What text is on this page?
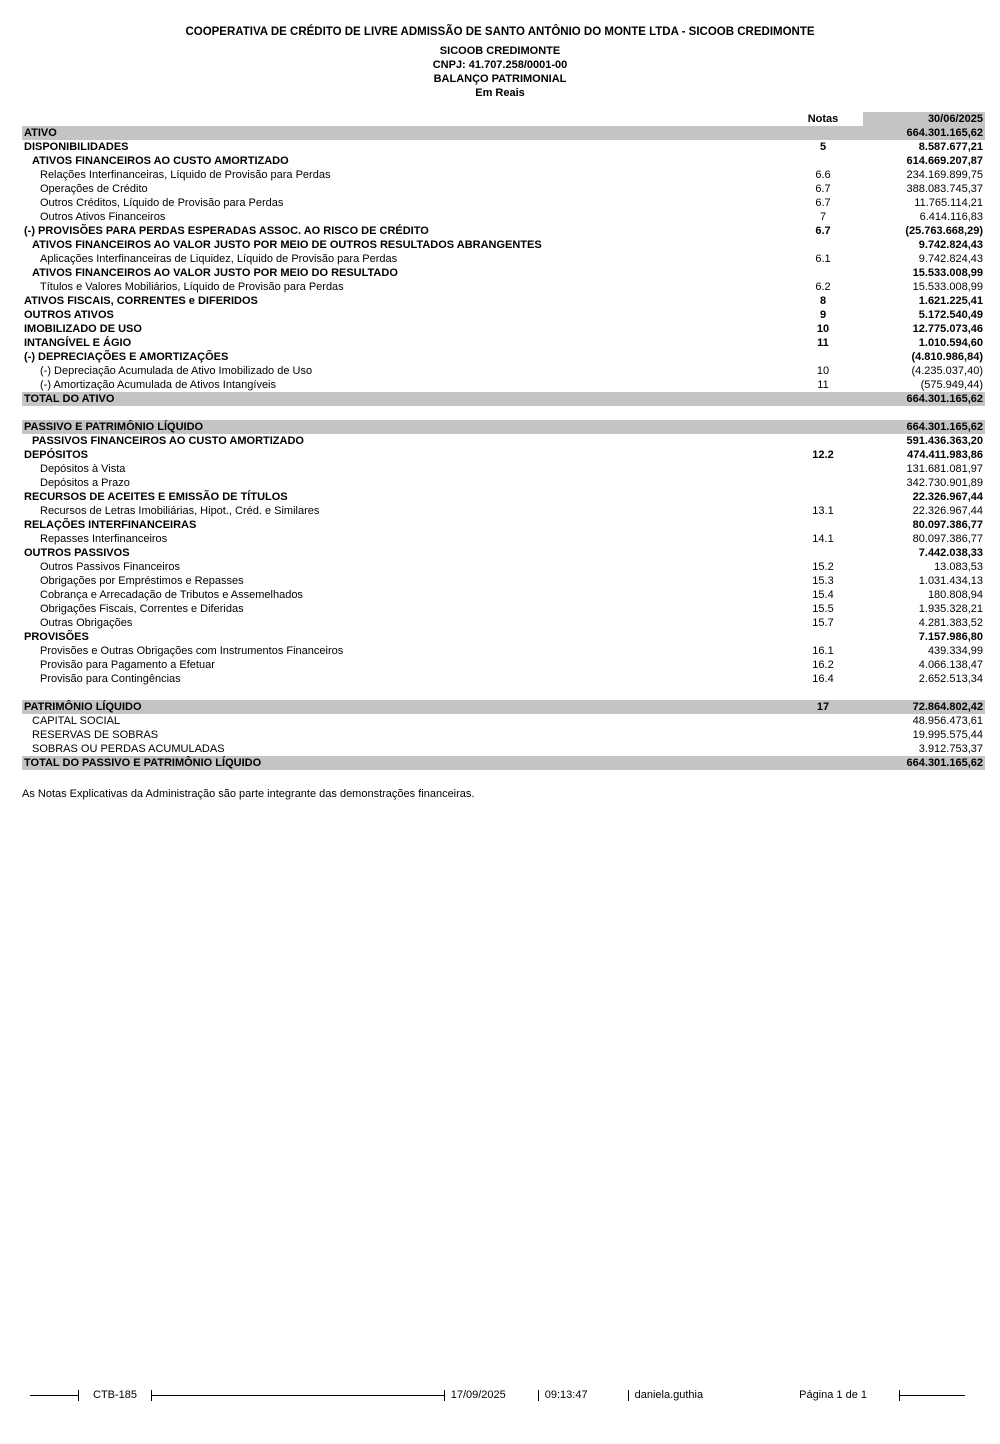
COOPERATIVA DE CRÉDITO DE LIVRE ADMISSÃO DE SANTO ANTÔNIO DO MONTE LTDA - SICOOB CREDIMONTE
SICOOB CREDIMONTE
CNPJ: 41.707.258/0001-00
BALANÇO PATRIMONIAL
Em Reais
Notas	30/06/2025
ATIVO	664.301.165,62
DISPONIBILIDADES	5	8.587.677,21
ATIVOS FINANCEIROS AO CUSTO AMORTIZADO	614.669.207,87
Relações Interfinanceiras, Líquido de Provisão para Perdas	6.6	234.169.899,75
Operações de Crédito	6.7	388.083.745,37
Outros Créditos, Líquido de Provisão para Perdas	6.7	11.765.114,21
Outros Ativos Financeiros	7	6.414.116,83
(-) PROVISÕES PARA PERDAS ESPERADAS ASSOC. AO RISCO DE CRÉDITO	6.7	(25.763.668,29)
ATIVOS FINANCEIROS AO VALOR JUSTO POR MEIO DE OUTROS RESULTADOS ABRANGENTES	9.742.824,43
Aplicações Interfinanceiras de Liquidez, Líquido de Provisão para Perdas	6.1	9.742.824,43
ATIVOS FINANCEIROS AO VALOR JUSTO POR MEIO DO RESULTADO	15.533.008,99
Títulos e Valores Mobiliários, Líquido de Provisão para Perdas	6.2	15.533.008,99
ATIVOS FISCAIS, CORRENTES e DIFERIDOS	8	1.621.225,41
OUTROS ATIVOS	9	5.172.540,49
IMOBILIZADO DE USO	10	12.775.073,46
INTANGÍVEL E ÁGIO	11	1.010.594,60
(-) DEPRECIAÇÕES E AMORTIZAÇÕES	(4.810.986,84)
(-) Depreciação Acumulada de Ativo Imobilizado de Uso	10	(4.235.037,40)
(-) Amortização Acumulada de Ativos Intangíveis	11	(575.949,44)
TOTAL DO ATIVO	664.301.165,62
PASSIVO E PATRIMÔNIO LÍQUIDO	664.301.165,62
PASSIVOS FINANCEIROS AO CUSTO AMORTIZADO	591.436.363,20
DEPÓSITOS	12.2	474.411.983,86
Depósitos à Vista	131.681.081,97
Depósitos a Prazo	342.730.901,89
RECURSOS DE ACEITES E EMISSÃO DE TÍTULOS	22.326.967,44
Recursos de Letras Imobiliárias, Hipot., Créd. e Similares	13.1	22.326.967,44
RELAÇÕES INTERFINANCEIRAS	80.097.386,77
Repasses Interfinanceiros	14.1	80.097.386,77
OUTROS PASSIVOS	7.442.038,33
Outros Passivos Financeiros	15.2	13.083,53
Obrigações por Empréstimos e Repasses	15.3	1.031.434,13
Cobrança e Arrecadação de Tributos e Assemelhados	15.4	180.808,94
Obrigações Fiscais, Correntes e Diferidas	15.5	1.935.328,21
Outras Obrigações	15.7	4.281.383,52
PROVISÕES	7.157.986,80
Provisões e Outras Obrigações com Instrumentos Financeiros	16.1	439.334,99
Provisão para Pagamento a Efetuar	16.2	4.066.138,47
Provisão para Contingências	16.4	2.652.513,34
PATRIMÔNIO LÍQUIDO	17	72.864.802,42
CAPITAL SOCIAL	48.956.473,61
RESERVAS DE SOBRAS	19.995.575,44
SOBRAS OU PERDAS ACUMULADAS	3.912.753,37
TOTAL DO PASSIVO E PATRIMÔNIO LÍQUIDO	664.301.165,62
As Notas Explicativas da Administração são parte integrante das demonstrações financeiras.
CTB-185	17/09/2025	09:13:47	daniela.guthia	Página 1 de 1
